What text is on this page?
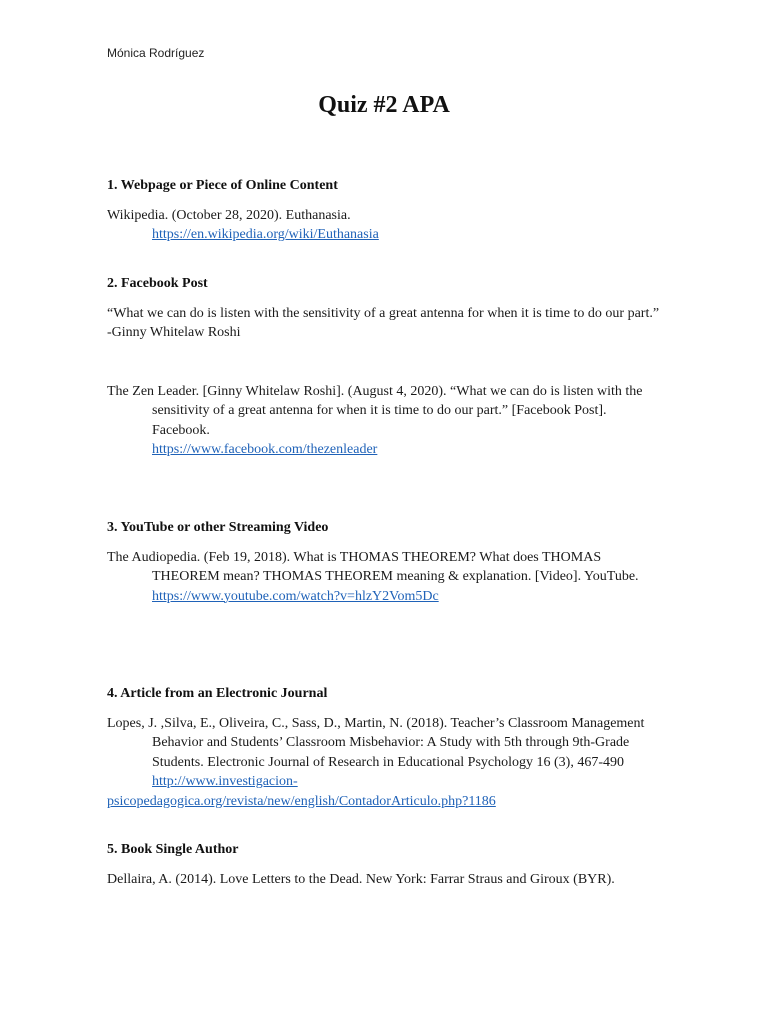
Mónica Rodríguez
Quiz #2 APA
1. Webpage or Piece of Online Content

Wikipedia. (October 28, 2020). Euthanasia.
https://en.wikipedia.org/wiki/Euthanasia

2. Facebook Post

“What we can do is listen with the sensitivity of a great antenna for when it is time to do our part.” -Ginny Whitelaw Roshi

The Zen Leader. [Ginny Whitelaw Roshi]. (August 4, 2020). “What we can do is listen with the sensitivity of a great antenna for when it is time to do our part.” [Facebook Post]. Facebook.
https://www.facebook.com/thezenleader

3. YouTube or other Streaming Video

The Audiopedia. (Feb 19, 2018). What is THOMAS THEOREM? What does THOMAS THEOREM mean? THOMAS THEOREM meaning & explanation. [Video]. YouTube.
https://www.youtube.com/watch?v=hlzY2Vom5Dc

4. Article from an Electronic Journal

Lopes, J. ,Silva, E., Oliveira, C., Sass, D., Martin, N. (2018). Teacher’s Classroom Management Behavior and Students’ Classroom Misbehavior: A Study with 5th through 9th-Grade Students. Electronic Journal of Research in Educational Psychology 16 (3), 467-490
http://www.investigacion-

psicopedagogica.org/revista/new/english/ContadorArticulo.php?1186

5. Book Single Author

Dellaira, A. (2014). Love Letters to the Dead. New York: Farrar Straus and Giroux (BYR).
